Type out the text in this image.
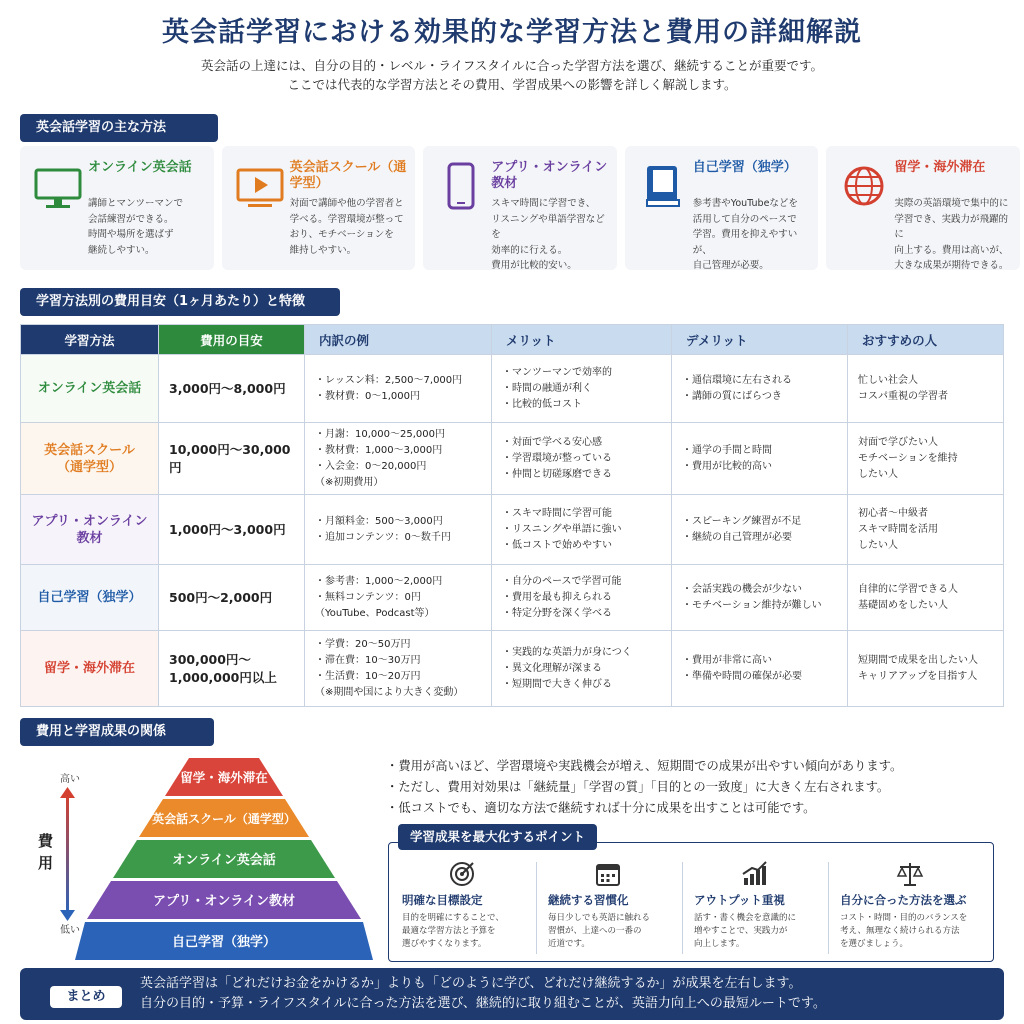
英会話学習における効果的な学習方法と費用の詳細解説
英会話の上達には、自分の目的・レベル・ライフスタイルに合った学習方法を選び、継続することが重要です。
ここでは代表的な学習方法とその費用、学習成果への影響を詳しく解説します。
英会話学習の主な方法
オンライン英会話
講師とマンツーマンで
会話練習ができる。
時間や場所を選ばず
継続しやすい。
英会話スクール（通学型）
対面で講師や他の学習者と
学べる。学習環境が整って
おり、モチベーションを
維持しやすい。
アプリ・オンライン教材
スキマ時間に学習でき、
リスニングや単語学習などを
効率的に行える。
費用が比較的安い。
自己学習（独学）
参考書やYouTubeなどを
活用して自分のペースで
学習。費用を抑えやすいが、
自己管理が必要。
留学・海外滞在
実際の英語環境で集中的に
学習でき、実践力が飛躍的に
向上する。費用は高いが、
大きな成果が期待できる。
学習方法別の費用目安（1ヶ月あたり）と特徴
学習方法	費用の目安	内訳の例	メリット	デメリット	おすすめの人
オンライン英会話	3,000円〜8,000円	・レッスン料：2,500〜7,000円
・教材費：0〜1,000円	・マンツーマンで効率的
・時間の融通が利く
・比較的低コスト	・通信環境に左右される
・講師の質にばらつき	忙しい社会人
コスパ重視の学習者
英会話スクール
（通学型）	10,000円〜30,000円	・月謝：10,000〜25,000円
・教材費：1,000〜3,000円
・入会金：0〜20,000円
（※初期費用）	・対面で学べる安心感
・学習環境が整っている
・仲間と切磋琢磨できる	・通学の手間と時間
・費用が比較的高い	対面で学びたい人
モチベーションを維持
したい人
アプリ・オンライン
教材	1,000円〜3,000円	・月額料金：500〜3,000円
・追加コンテンツ：0〜数千円	・スキマ時間に学習可能
・リスニングや単語に強い
・低コストで始めやすい	・スピーキング練習が不足
・継続の自己管理が必要	初心者〜中級者
スキマ時間を活用
したい人
自己学習（独学）	500円〜2,000円	・参考書：1,000〜2,000円
・無料コンテンツ：0円
（YouTube、Podcast等）	・自分のペースで学習可能
・費用を最も抑えられる
・特定分野を深く学べる	・会話実践の機会が少ない
・モチベーション維持が難しい	自律的に学習できる人
基礎固めをしたい人
留学・海外滞在	300,000円〜
1,000,000円以上	・学費：20〜50万円
・滞在費：10〜30万円
・生活費：10〜20万円
（※期間や国により大きく変動）	・実践的な英語力が身につく
・異文化理解が深まる
・短期間で大きく伸びる	・費用が非常に高い
・準備や時間の確保が必要	短期間で成果を出したい人
キャリアアップを目指す人
費用と学習成果の関係
高い
低い
費用
留学・海外滞在
英会話スクール（通学型）
オンライン英会話
アプリ・オンライン教材
自己学習（独学）
・ 費用が高いほど、学習環境や実践機会が増え、短期間での成果が出やすい傾向があります。
・ ただし、費用対効果は「継続量」「学習の質」「目的との一致度」に大きく左右されます。
・ 低コストでも、適切な方法で継続すれば十分に成果を出すことは可能です。
学習成果を最大化するポイント
明確な目標設定
目的を明確にすることで、
最適な学習方法と予算を
選びやすくなります。
継続する習慣化
毎日少しでも英語に触れる
習慣が、上達への一番の
近道です。
アウトプット重視
話す・書く機会を意識的に
増やすことで、実践力が
向上します。
自分に合った方法を選ぶ
コスト・時間・目的のバランスを
考え、無理なく続けられる方法
を選びましょう。
まとめ
英会話学習は「どれだけお金をかけるか」よりも「どのように学び、どれだけ継続するか」が成果を左右します。
自分の目的・予算・ライフスタイルに合った方法を選び、継続的に取り組むことが、英語力向上への最短ルートです。
